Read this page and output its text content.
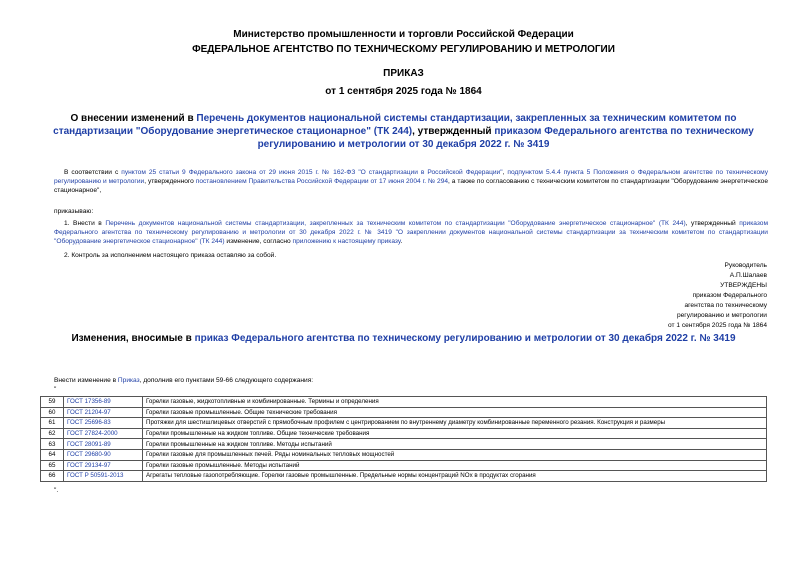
Министерство промышленности и торговли Российской Федерации
ФЕДЕРАЛЬНОЕ АГЕНТСТВО ПО ТЕХНИЧЕСКОМУ РЕГУЛИРОВАНИЮ И МЕТРОЛОГИИ
ПРИКАЗ
от 1 сентября 2025 года № 1864
О внесении изменений в Перечень документов национальной системы стандартизации, закрепленных за техническим комитетом по стандартизации "Оборудование энергетическое стационарное" (ТК 244), утвержденный приказом Федерального агентства по техническому регулированию и метрологии от 30 декабря 2022 г. № 3419
В соответствии с пунктом 25 статьи 9 Федерального закона от 29 июня 2015 г. № 162-ФЗ "О стандартизации в Российской Федерации", подпунктом 5.4.4 пункта 5 Положения о Федеральном агентстве по техническому регулированию и метрологии, утвержденного постановлением Правительства Российской Федерации от 17 июня 2004 г. № 294, а также по согласованию с техническим комитетом по стандартизации "Оборудование энергетическое стационарное",
приказываю:
1. Внести в Перечень документов национальной системы стандартизации, закрепленных за техническим комитетом по стандартизации "Оборудование энергетическое стационарное" (ТК 244), утвержденный приказом Федерального агентства по техническому регулированию и метрологии от 30 декабря 2022 г. № 3419 "О закреплении документов национальной системы стандартизации за техническим комитетом по стандартизации "Оборудование энергетическое стационарное" (ТК 244) изменение, согласно приложению к настоящему приказу.
2. Контроль за исполнением настоящего приказа оставляю за собой.
Руководитель
А.П.Шалаев
УТВЕРЖДЕНЫ
приказом Федерального
агентства по техническому
регулированию и метрологии
от 1 сентября 2025 года № 1864
Изменения, вносимые в приказ Федерального агентства по техническому регулированию и метрологии от 30 декабря 2022 г. № 3419
Внести изменение в Приказ, дополнив его пунктами 59-66 следующего содержания:
"
59	ГОСТ 17356-89	Горелки газовые, жидкотопливные и комбинированные. Термины и определения
60	ГОСТ 21204-97	Горелки газовые промышленные. Общие технические требования
61	ГОСТ 25696-83	Протяжки для шестишлицевых отверстий с прямобочным профилем с центрированием по внутреннему диаметру комбинированные переменного резания. Конструкция и размеры
62	ГОСТ 27824-2000	Горелки промышленные на жидком топливе. Общие технические требования
63	ГОСТ 28091-89	Горелки промышленные на жидком топливе. Методы испытаний
64	ГОСТ 29680-90	Горелки газовые для промышленных печей. Ряды номинальных тепловых мощностей
65	ГОСТ 29134-97	Горелки газовые промышленные. Методы испытаний
66	ГОСТ Р 50591-2013	Агрегаты тепловые газопотребляющие. Горелки газовые промышленные. Предельные нормы концентраций NOx в продуктах сгорания
".
